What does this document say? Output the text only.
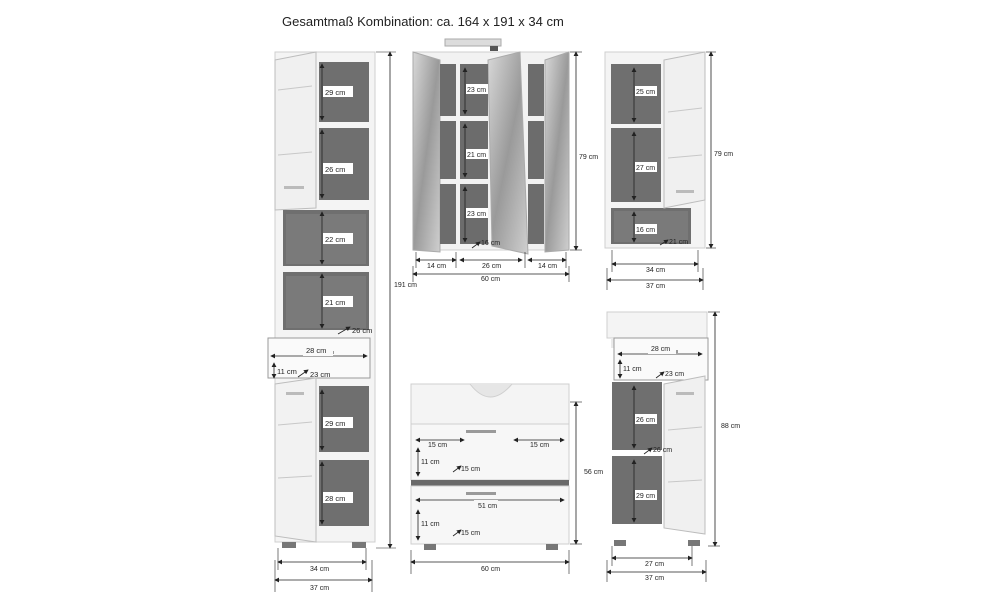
Gesamtmaß Kombination: ca. 164 x 191 x 34 cm
29 cm
26 cm
22 cm
21 cm
29 cm
28 cm
26 cm
28 cm
11 cm 23 cm
34 cm
37 cm
191 cm
23 cm
21 cm
23 cm
16 cm
14 cm	26 cm	14 cm
60 cm
79 cm
25 cm
27 cm
16 cm
21 cm
34 cm
37 cm
79 cm
15 cm	15 cm
11 cm
15 cm
51 cm
11 cm
15 cm
60 cm
56 cm
28 cm
11 cm
23 cm
26 cm
29 cm
26 cm
27 cm
37 cm
88 cm
